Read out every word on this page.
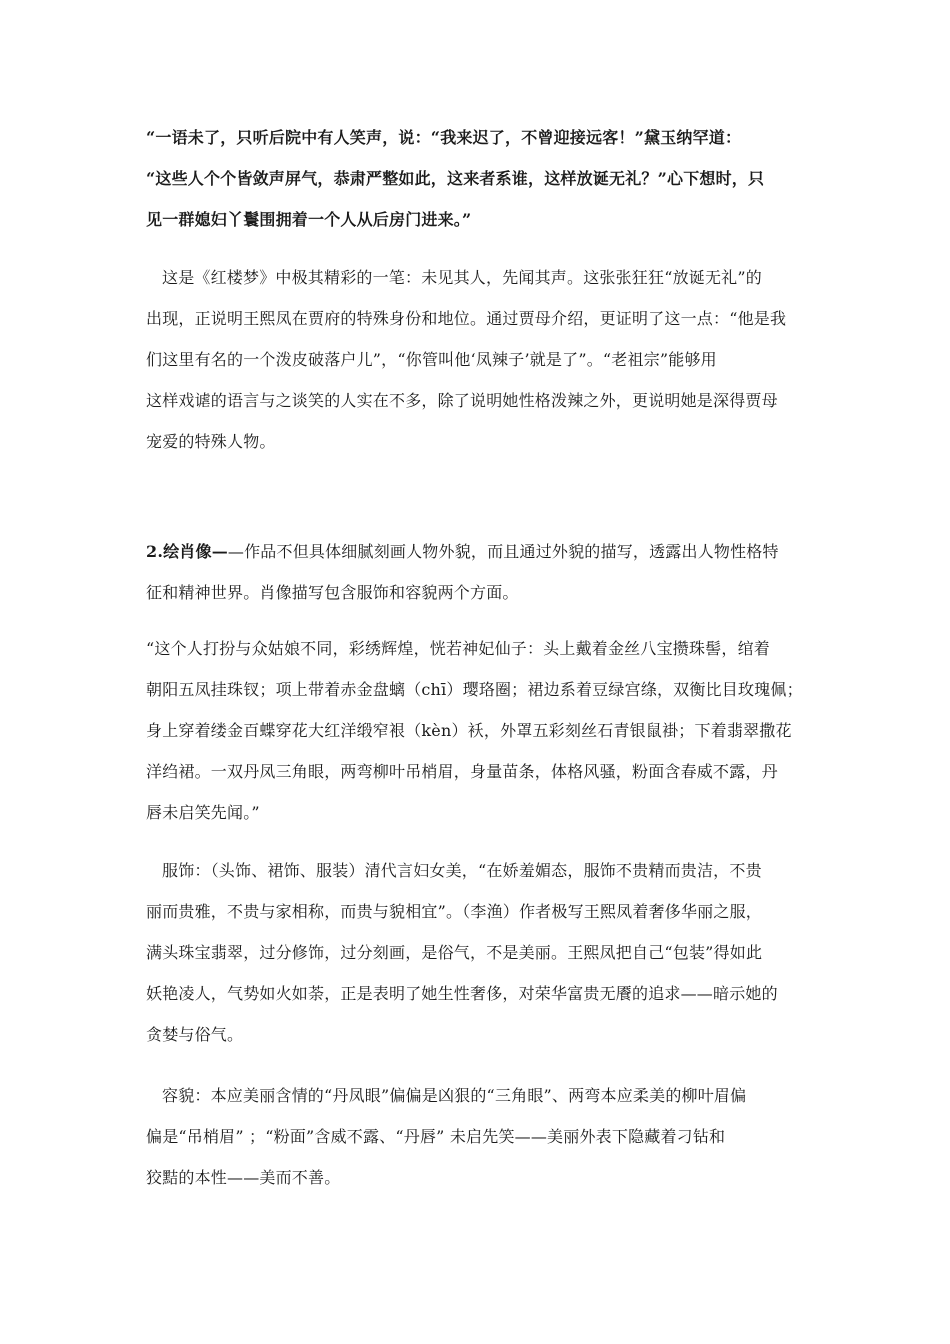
“一语未了，只听后院中有人笑声，说：“我来迟了，不曾迎接远客！”黛玉纳罕道：
“这些人个个皆敛声屏气，恭肃严整如此，这来者系谁，这样放诞无礼？”心下想时，只
见一群媳妇丫鬟围拥着一个人从后房门进来。”
这是《红楼梦》中极其精彩的一笔：未见其人，先闻其声。这张张狂狂“放诞无礼”的
出现，正说明王熙凤在贾府的特殊身份和地位。通过贾母介绍，更证明了这一点：“他是我
们这里有名的一个泼皮破落户儿”，“你管叫他‘凤辣子’就是了”。“老祖宗”能够用
这样戏谑的语言与之谈笑的人实在不多，除了说明她性格泼辣之外，更说明她是深得贾母
宠爱的特殊人物。
2.绘肖像——作品不但具体细腻刻画人物外貌，而且通过外貌的描写，透露出人物性格特
征和精神世界。肖像描写包含服饰和容貌两个方面。
“这个人打扮与众姑娘不同，彩绣辉煌，恍若神妃仙子：头上戴着金丝八宝攒珠髻，绾着
朝阳五凤挂珠钗；项上带着赤金盘螭（chī）璎珞圈；裙边系着豆绿宫绦，双衡比目玫瑰佩；
身上穿着缕金百蝶穿花大红洋缎窄裉（kèn）袄，外罩五彩刻丝石青银鼠褂；下着翡翠撒花
洋绉裙。一双丹凤三角眼，两弯柳叶吊梢眉，身量苗条，体格风骚，粉面含春威不露，丹
唇未启笑先闻。”
服饰：（头饰、裙饰、服装）清代言妇女美，“在娇羞媚态，服饰不贵精而贵洁，不贵
丽而贵雅，不贵与家相称，而贵与貌相宜”。（李渔）作者极写王熙凤着奢侈华丽之服，
满头珠宝翡翠，过分修饰，过分刻画，是俗气，不是美丽。王熙凤把自己“包装”得如此
妖艳凌人，气势如火如荼，正是表明了她生性奢侈，对荣华富贵无餍的追求——暗示她的
贪婪与俗气。
容貌：本应美丽含情的“丹凤眼”偏偏是凶狠的“三角眼”、两弯本应柔美的柳叶眉偏
偏是“吊梢眉” ；“粉面”含威不露、“丹唇” 未启先笑——美丽外表下隐藏着刁钻和
狡黠的本性——美而不善。
